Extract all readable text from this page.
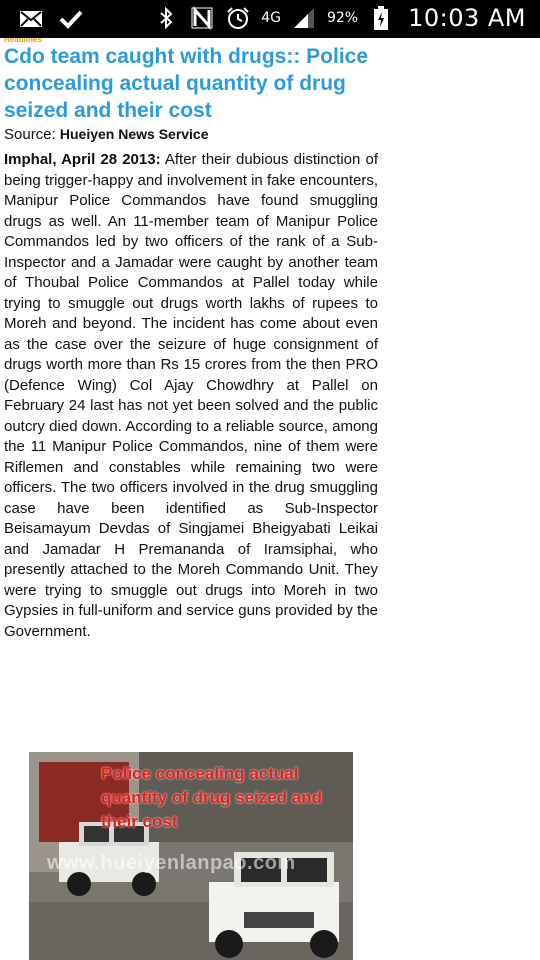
4G	92% 10:03 AM
Headlines
Cdo team caught with drugs:: Police concealing actual quantity of drug seized and their cost
Source: Hueiyen News Service

Imphal, April 28 2013: After their dubious distinction of being trigger-happy and involvement in fake encounters, Manipur Police Commandos have found smuggling drugs as well. An 11-member team of Manipur Police Commandos led by two officers of the rank of a Sub-Inspector and a Jamadar were caught by another team of Thoubal Police Commandos at Pallel today while trying to smuggle out drugs worth lakhs of rupees to Moreh and beyond. The incident has come about even as the case over the seizure of huge consignment of drugs worth more than Rs 15 crores from the then PRO (Defence Wing) Col Ajay Chowdhry at Pallel on February 24 last has not yet been solved and the public outcry died down. According to a reliable source, among the 11 Manipur Police Commandos, nine of them were Riflemen and constables while remaining two were officers. The two officers involved in the drug smuggling case have been identified as Sub-Inspector Beisamayum Devdas of Singjamei Bheigyabati Leikai and Jamadar H Premananda of Iramsiphai, who presently attached to the Moreh Commando Unit. They were trying to smuggle out drugs into Moreh in two Gypsies in full-uniform and service guns provided by the Government.

Police concealing actual quantity of drug seized and their cost
www.hueiyenlanpao.com
